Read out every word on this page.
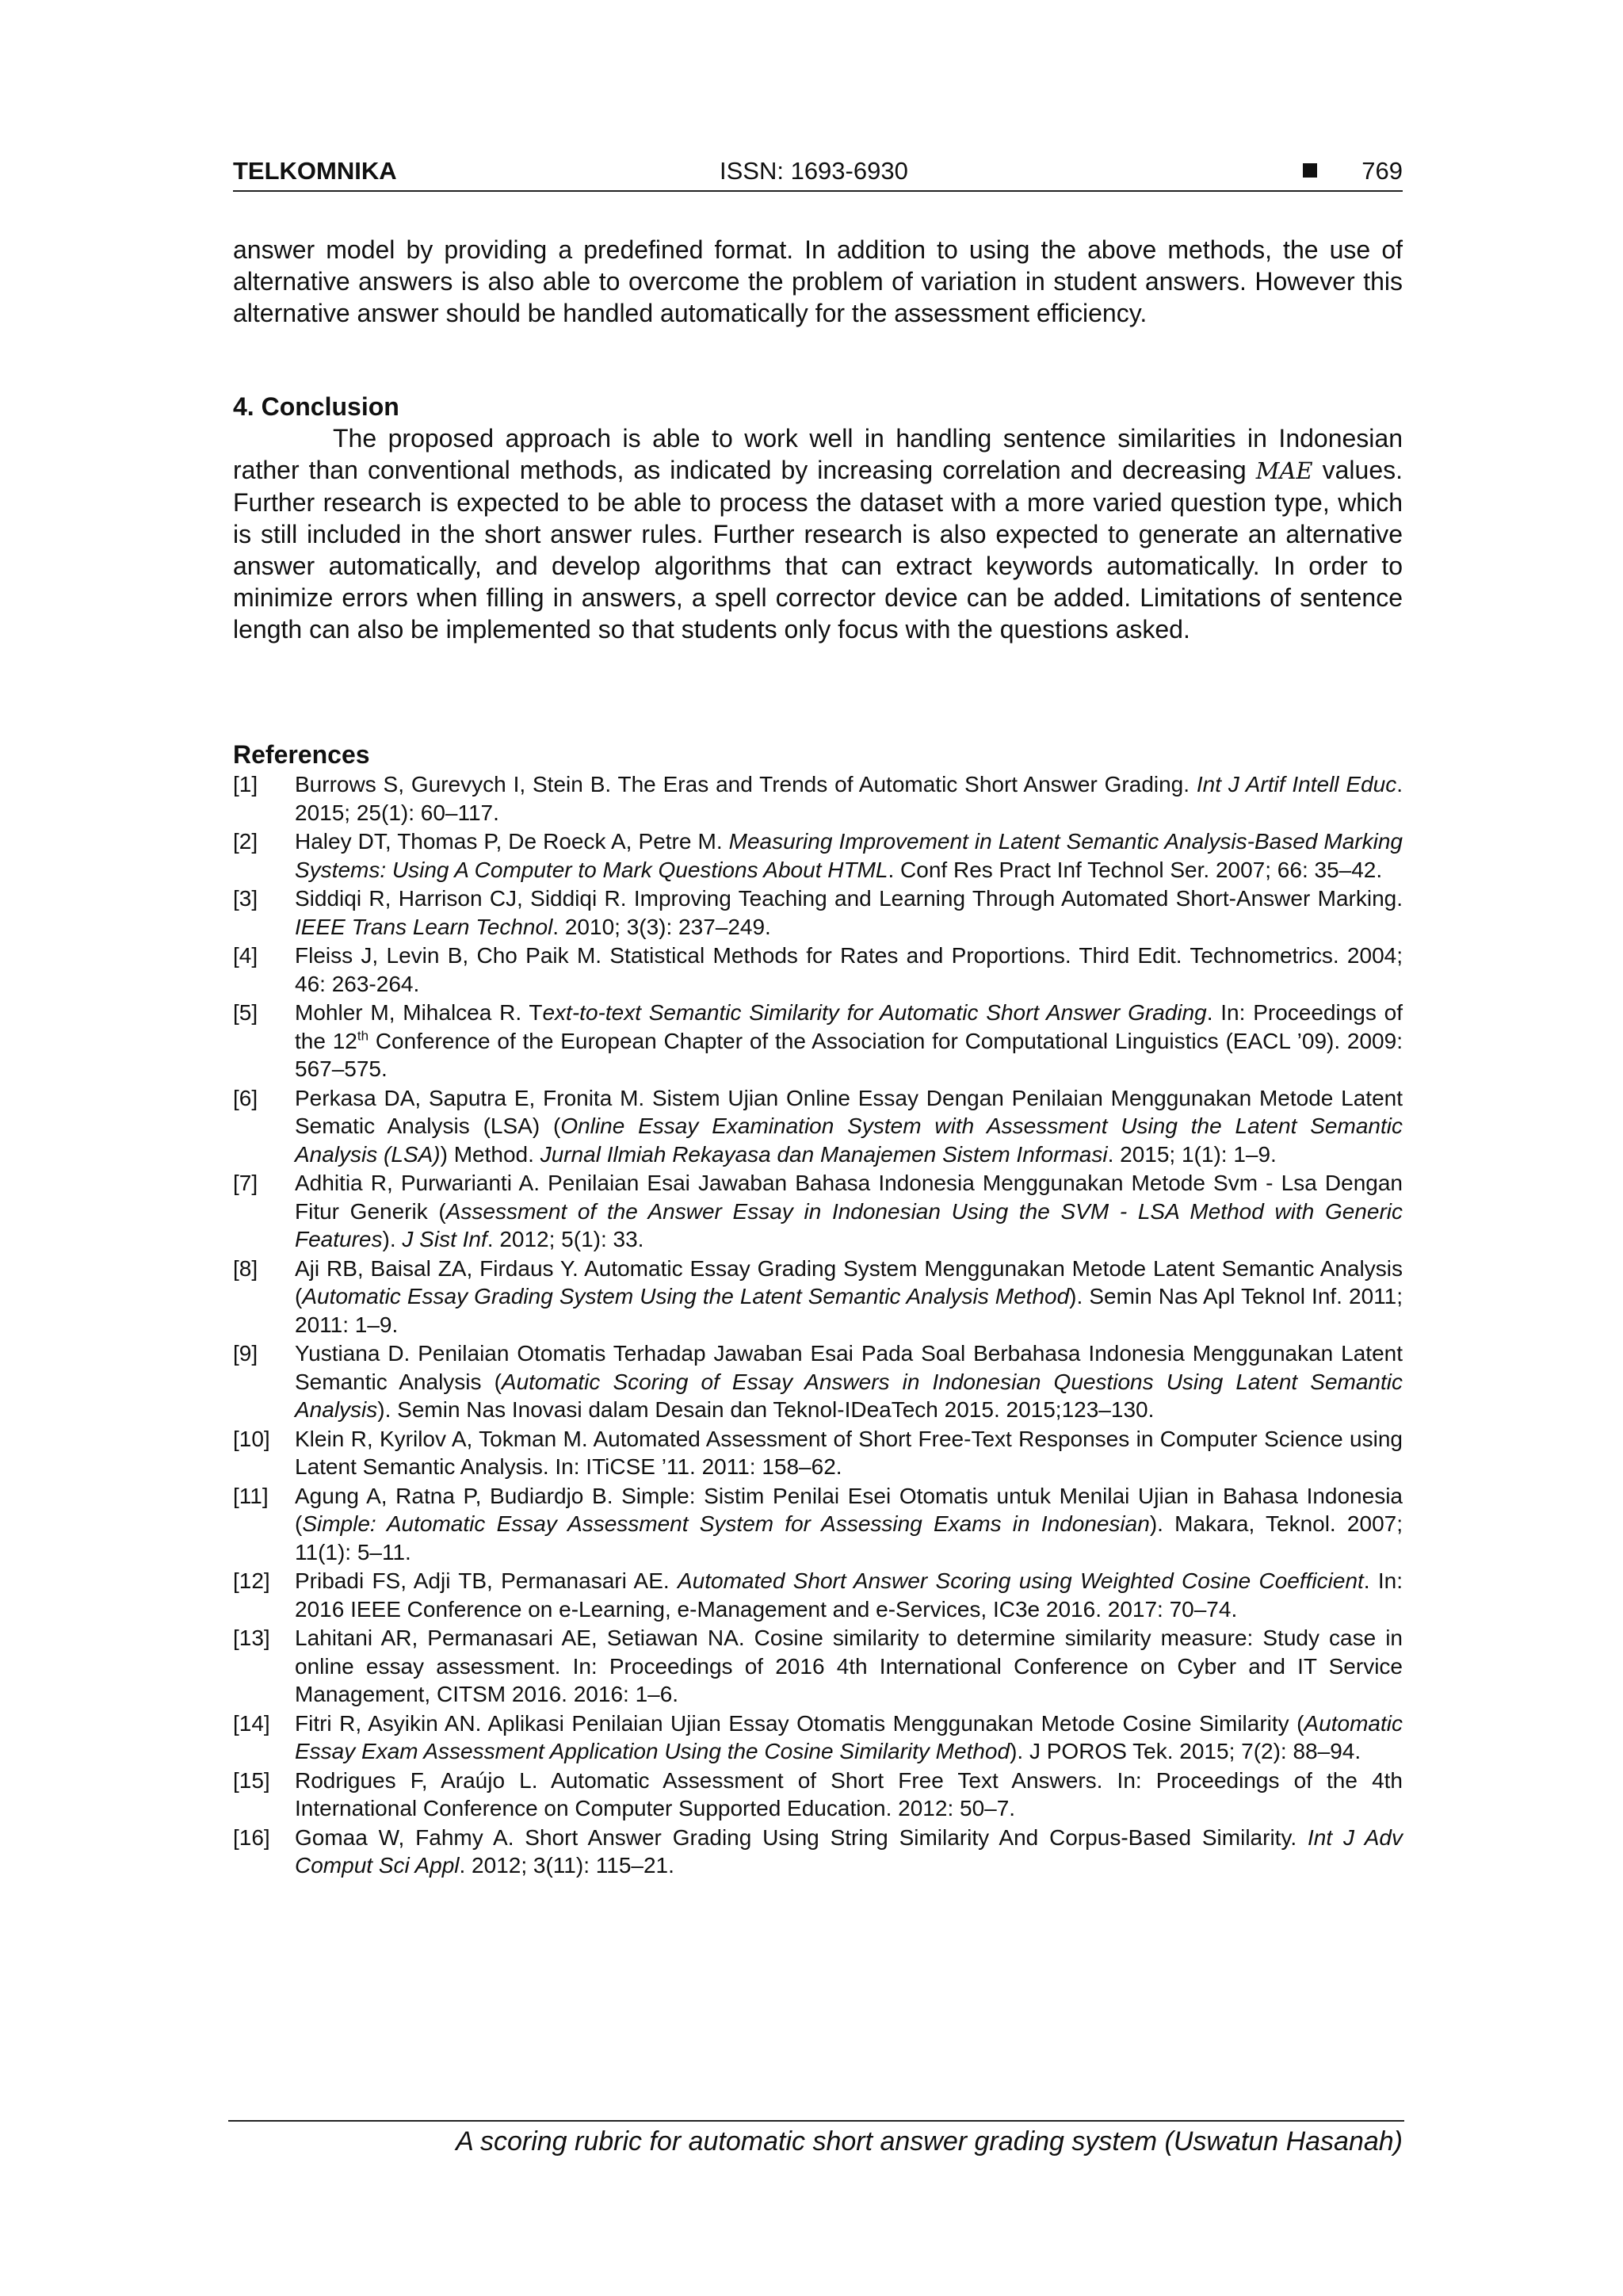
TELKOMNIKA	ISSN: 1693-6930	769

answer model by providing a predefined format. In addition to using the above methods, the use of alternative answers is also able to overcome the problem of variation in student answers. However this alternative answer should be handled automatically for the assessment efficiency.

4. Conclusion

The proposed approach is able to work well in handling sentence similarities in Indonesian rather than conventional methods, as indicated by increasing correlation and decreasing MAE values. Further research is expected to be able to process the dataset with a more varied question type, which is still included in the short answer rules. Further research is also expected to generate an alternative answer automatically, and develop algorithms that can extract keywords automatically. In order to minimize errors when filling in answers, a spell corrector device can be added. Limitations of sentence length can also be implemented so that students only focus with the questions asked.

References

[1] Burrows S, Gurevych I, Stein B. The Eras and Trends of Automatic Short Answer Grading. Int J Artif Intell Educ. 2015; 25(1): 60–117.

[2] Haley DT, Thomas P, De Roeck A, Petre M. Measuring Improvement in Latent Semantic Analysis-Based Marking Systems: Using A Computer to Mark Questions About HTML. Conf Res Pract Inf Technol Ser. 2007; 66: 35–42.

[3] Siddiqi R, Harrison CJ, Siddiqi R. Improving Teaching and Learning Through Automated Short-Answer Marking. IEEE Trans Learn Technol. 2010; 3(3): 237–249.

[4] Fleiss J, Levin B, Cho Paik M. Statistical Methods for Rates and Proportions. Third Edit. Technometrics. 2004; 46: 263-264.

[5] Mohler M, Mihalcea R. Text-to-text Semantic Similarity for Automatic Short Answer Grading. In: Proceedings of the 12th Conference of the European Chapter of the Association for Computational Linguistics (EACL ’09). 2009: 567–575.

[6] Perkasa DA, Saputra E, Fronita M. Sistem Ujian Online Essay Dengan Penilaian Menggunakan Metode Latent Sematic Analysis (LSA) (Online Essay Examination System with Assessment Using the Latent Semantic Analysis (LSA)) Method. Jurnal Ilmiah Rekayasa dan Manajemen Sistem Informasi. 2015; 1(1): 1–9.

[7] Adhitia R, Purwarianti A. Penilaian Esai Jawaban Bahasa Indonesia Menggunakan Metode Svm - Lsa Dengan Fitur Generik (Assessment of the Answer Essay in Indonesian Using the SVM - LSA Method with Generic Features). J Sist Inf. 2012; 5(1): 33.

[8] Aji RB, Baisal ZA, Firdaus Y. Automatic Essay Grading System Menggunakan Metode Latent Semantic Analysis (Automatic Essay Grading System Using the Latent Semantic Analysis Method). Semin Nas Apl Teknol Inf. 2011; 2011: 1–9.

[9] Yustiana D. Penilaian Otomatis Terhadap Jawaban Esai Pada Soal Berbahasa Indonesia Menggunakan Latent Semantic Analysis (Automatic Scoring of Essay Answers in Indonesian Questions Using Latent Semantic Analysis). Semin Nas Inovasi dalam Desain dan Teknol-IDeaTech 2015. 2015;123–130.

[10] Klein R, Kyrilov A, Tokman M. Automated Assessment of Short Free-Text Responses in Computer Science using Latent Semantic Analysis. In: ITiCSE ’11. 2011: 158–62.

[11] Agung A, Ratna P, Budiardjo B. Simple: Sistim Penilai Esei Otomatis untuk Menilai Ujian in Bahasa Indonesia (Simple: Automatic Essay Assessment System for Assessing Exams in Indonesian). Makara, Teknol. 2007; 11(1): 5–11.

[12] Pribadi FS, Adji TB, Permanasari AE. Automated Short Answer Scoring using Weighted Cosine Coefficient. In: 2016 IEEE Conference on e-Learning, e-Management and e-Services, IC3e 2016. 2017: 70–74.

[13] Lahitani AR, Permanasari AE, Setiawan NA. Cosine similarity to determine similarity measure: Study case in online essay assessment. In: Proceedings of 2016 4th International Conference on Cyber and IT Service Management, CITSM 2016. 2016: 1–6.

[14] Fitri R, Asyikin AN. Aplikasi Penilaian Ujian Essay Otomatis Menggunakan Metode Cosine Similarity (Automatic Essay Exam Assessment Application Using the Cosine Similarity Method). J POROS Tek. 2015; 7(2): 88–94.

[15] Rodrigues F, Araújo L. Automatic Assessment of Short Free Text Answers. In: Proceedings of the 4th International Conference on Computer Supported Education. 2012: 50–7.

[16] Gomaa W, Fahmy A. Short Answer Grading Using String Similarity And Corpus-Based Similarity. Int J Adv Comput Sci Appl. 2012; 3(11): 115–21.

A scoring rubric for automatic short answer grading system (Uswatun Hasanah)
